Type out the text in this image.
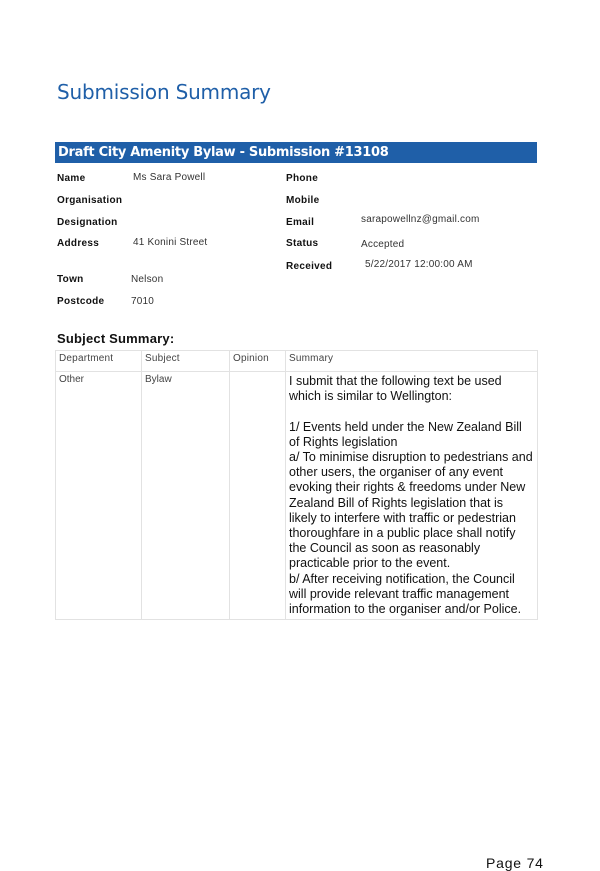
Submission Summary
Draft City Amenity Bylaw - Submission #13108
Name	Ms Sara Powell
Organisation
Designation
Address	41 Konini Street
Town	Nelson
Postcode	7010
Phone
Mobile
Email	sarapowellnz@gmail.com
Status	Accepted
Received	5/22/2017 12:00:00 AM
Subject Summary:
Department	Subject	Opinion	Summary
Other	Bylaw		I submit that the following text be used which is similar to Wellington:

1/ Events held under the New Zealand Bill of Rights legislation
a/ To minimise disruption to pedestrians and other users, the organiser of any event evoking their rights & freedoms under New Zealand Bill of Rights legislation that is likely to interfere with traffic or pedestrian thoroughfare in a public place shall notify the Council as soon as reasonably practicable prior to the event.
b/ After receiving notification, the Council will provide relevant traffic management information to the organiser and/or Police.
Page 74
